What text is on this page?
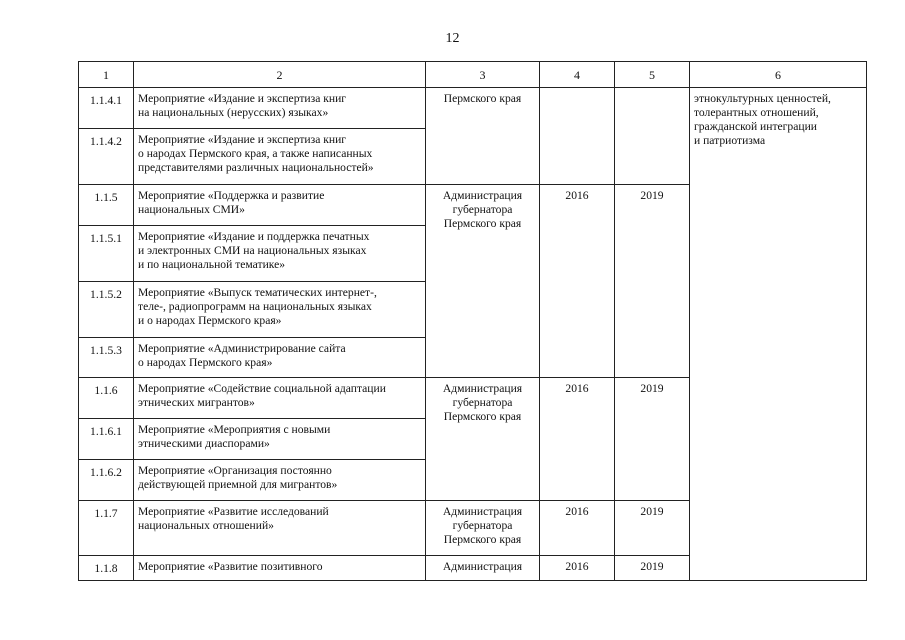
12
1	2	3	4	5	6
1.1.4.1	Мероприятие «Издание и экспертиза книг
на национальных (нерусских) языках»	Пермского края			этнокультурных ценностей,
толерантных отношений,
гражданской интеграции
и патриотизма
1.1.4.2	Мероприятие «Издание и экспертиза книг
о народах Пермского края, а также написанных
представителями различных национальностей»				
1.1.5	Мероприятие «Поддержка и развитие
национальных СМИ»	Администрация
губернатора
Пермского края	2016	2019	
1.1.5.1	Мероприятие «Издание и поддержка печатных
и электронных СМИ на национальных языках
и по национальной тематике»				
1.1.5.2	Мероприятие «Выпуск тематических интернет-,
теле-, радиопрограмм на национальных языках
и о народах Пермского края»				
1.1.5.3	Мероприятие «Администрирование сайта
о народах Пермского края»				
1.1.6	Мероприятие «Содействие социальной адаптации
этнических мигрантов»	Администрация
губернатора
Пермского края	2016	2019	
1.1.6.1	Мероприятие «Мероприятия с новыми
этническими диаспорами»				
1.1.6.2	Мероприятие «Организация постоянно
действующей приемной для мигрантов»				
1.1.7	Мероприятие «Развитие исследований
национальных отношений»	Администрация
губернатора
Пермского края	2016	2019	
1.1.8	Мероприятие «Развитие позитивного	Администрация	2016	2019	
